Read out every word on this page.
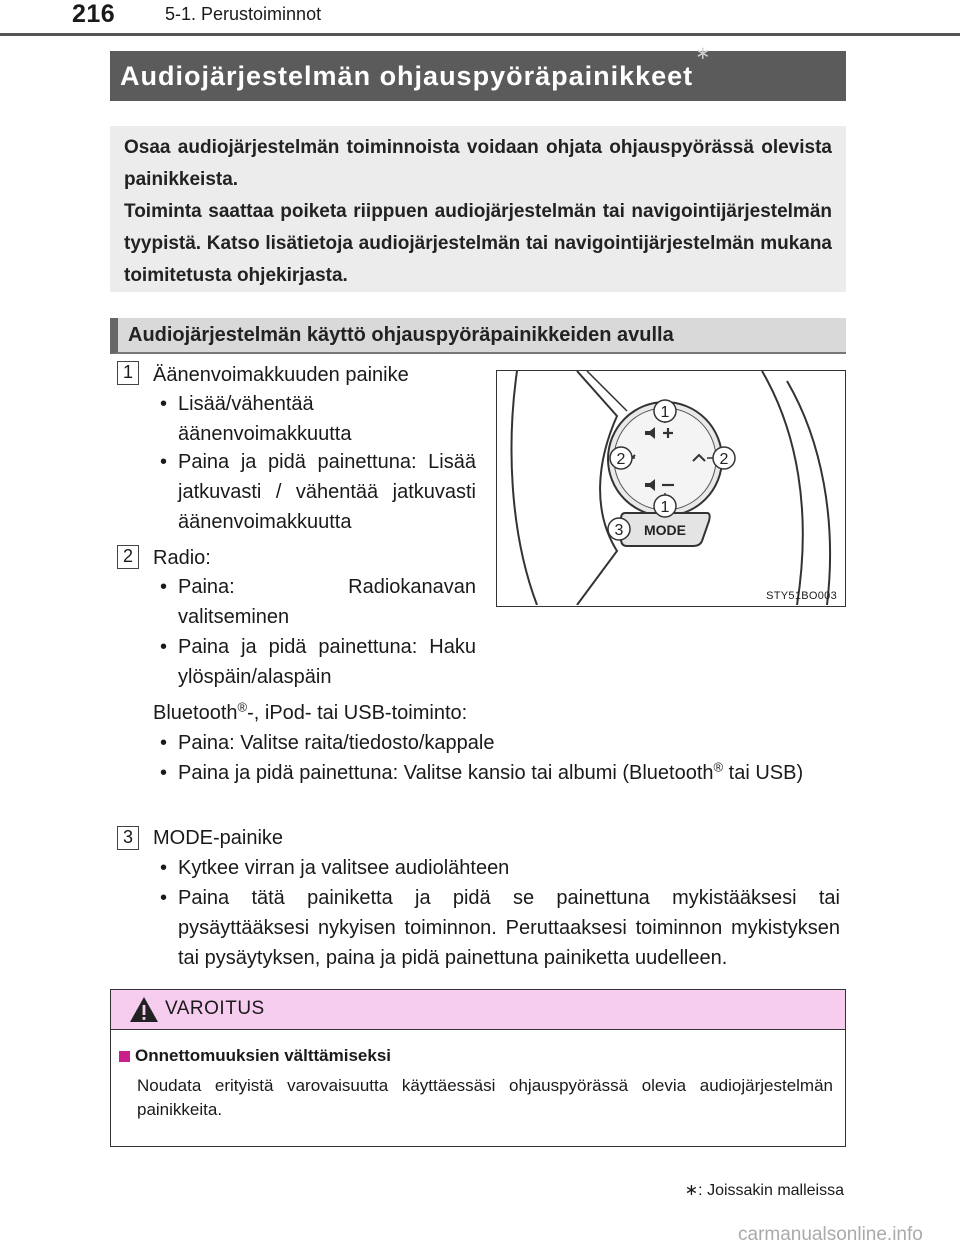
216	5-1. Perustoiminnot
Audiojärjestelmän ohjauspyöräpainikkeet∗

Osaa audiojärjestelmän toiminnoista voidaan ohjata ohjauspyörässä olevista painikkeista.

Toiminta saattaa poiketa riippuen audiojärjestelmän tai navigointijärjestelmän tyypistä. Katso lisätietoja audiojärjestelmän tai navigointijärjestelmän mukana toimitetusta ohjekirjasta.

Audiojärjestelmän käyttö ohjauspyöräpainikkeiden avulla
1	Äänenvoimakkuuden painike
• Lisää/vähentää äänenvoimakkuutta
• Paina ja pidä painettuna: Lisää jatkuvasti / vähentää jatkuvasti äänenvoimakkuutta
2	Radio:
• Paina: Radiokanavan valitseminen
• Paina ja pidä painettuna: Haku ylöspäin/alaspäin
Bluetooth®-, iPod- tai USB-toiminto:
• Paina: Valitse raita/tiedosto/kappale
• Paina ja pidä painettuna: Valitse kansio tai albumi (Bluetooth® tai USB)
3	MODE-painike
• Kytkee virran ja valitsee audiolähteen
• Paina tätä painiketta ja pidä se painettuna mykistääksesi tai pysäyttääksesi nykyisen toiminnon. Peruttaaksesi toiminnon mykistyksen tai pysäytyksen, paina ja pidä painettuna painiketta uudelleen.
MODE
1
2	2
1
3
STY51BO003
VAROITUS
Onnettomuuksien välttämiseksi
Noudata erityistä varovaisuutta käyttäessäsi ohjauspyörässä olevia audiojärjestelmän painikkeita.
∗: Joissakin malleissa
carmanualsonline.info
